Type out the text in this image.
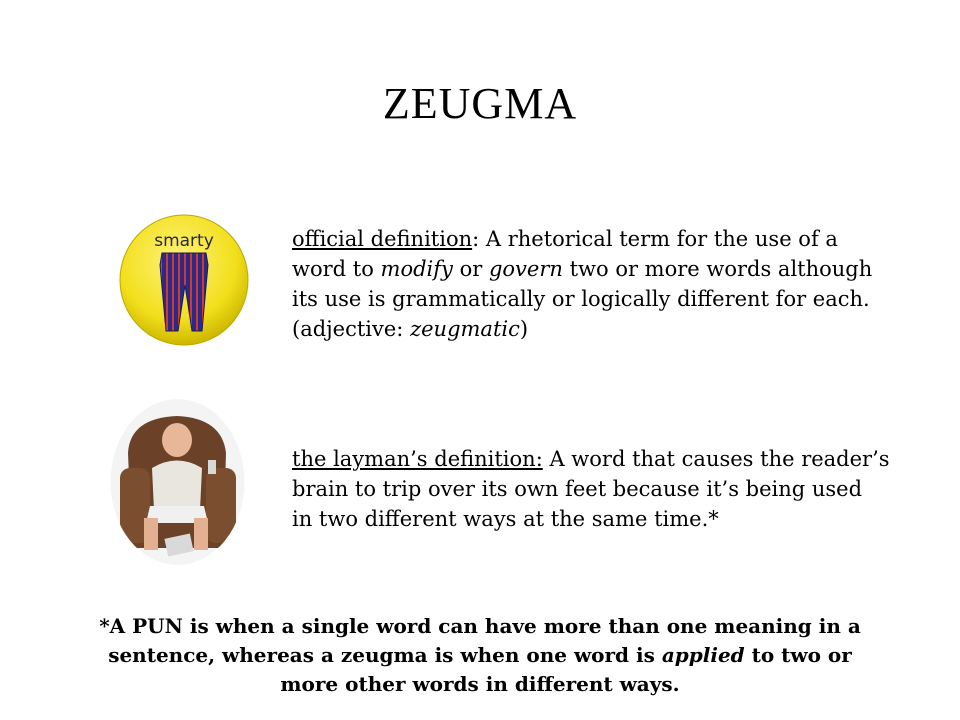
ZEUGMA
smarty	official definition: A rhetorical term for the use of a
word to modify or govern two or more words although
its use is grammatically or logically different for each.
(adjective: zeugmatic)
the layman’s definition: A word that causes the reader’s
brain to trip over its own feet because it’s being used
in two different ways at the same time.*
*A PUN is when a single word can have more than one meaning in a
sentence, whereas a zeugma is when one word is applied to two or
more other words in different ways.
